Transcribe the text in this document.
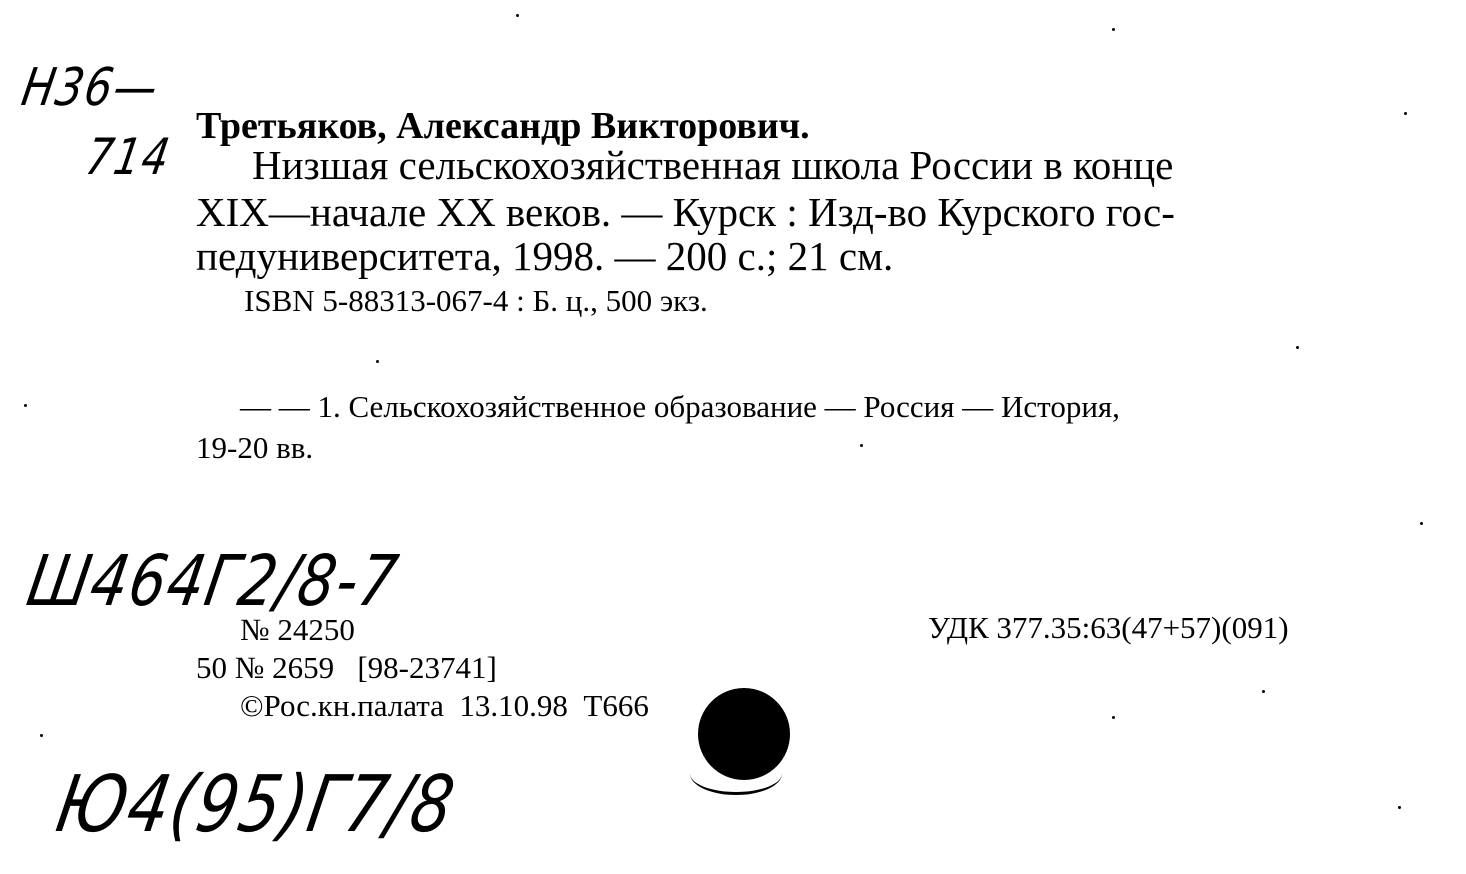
Н36—
714
Третьяков, Александр Викторович.
Низшая сельскохозяйственная школа России в конце
XIX—начале XX веков. — Курск : Изд-во Курского гос-
педуниверситета, 1998. — 200 с.; 21 см.
ISBN 5-88313-067-4 : Б. ц., 500 экз.
— — 1. Сельскохозяйственное образование — Россия — История,
19-20 вв.
Ш464Г2/8-7
№ 24250	УДК 377.35:63(47+57)(091)
50 № 2659   [98-23741]
©Рос.кн.палата  13.10.98  Т666
Ю4(95)Г7/8
